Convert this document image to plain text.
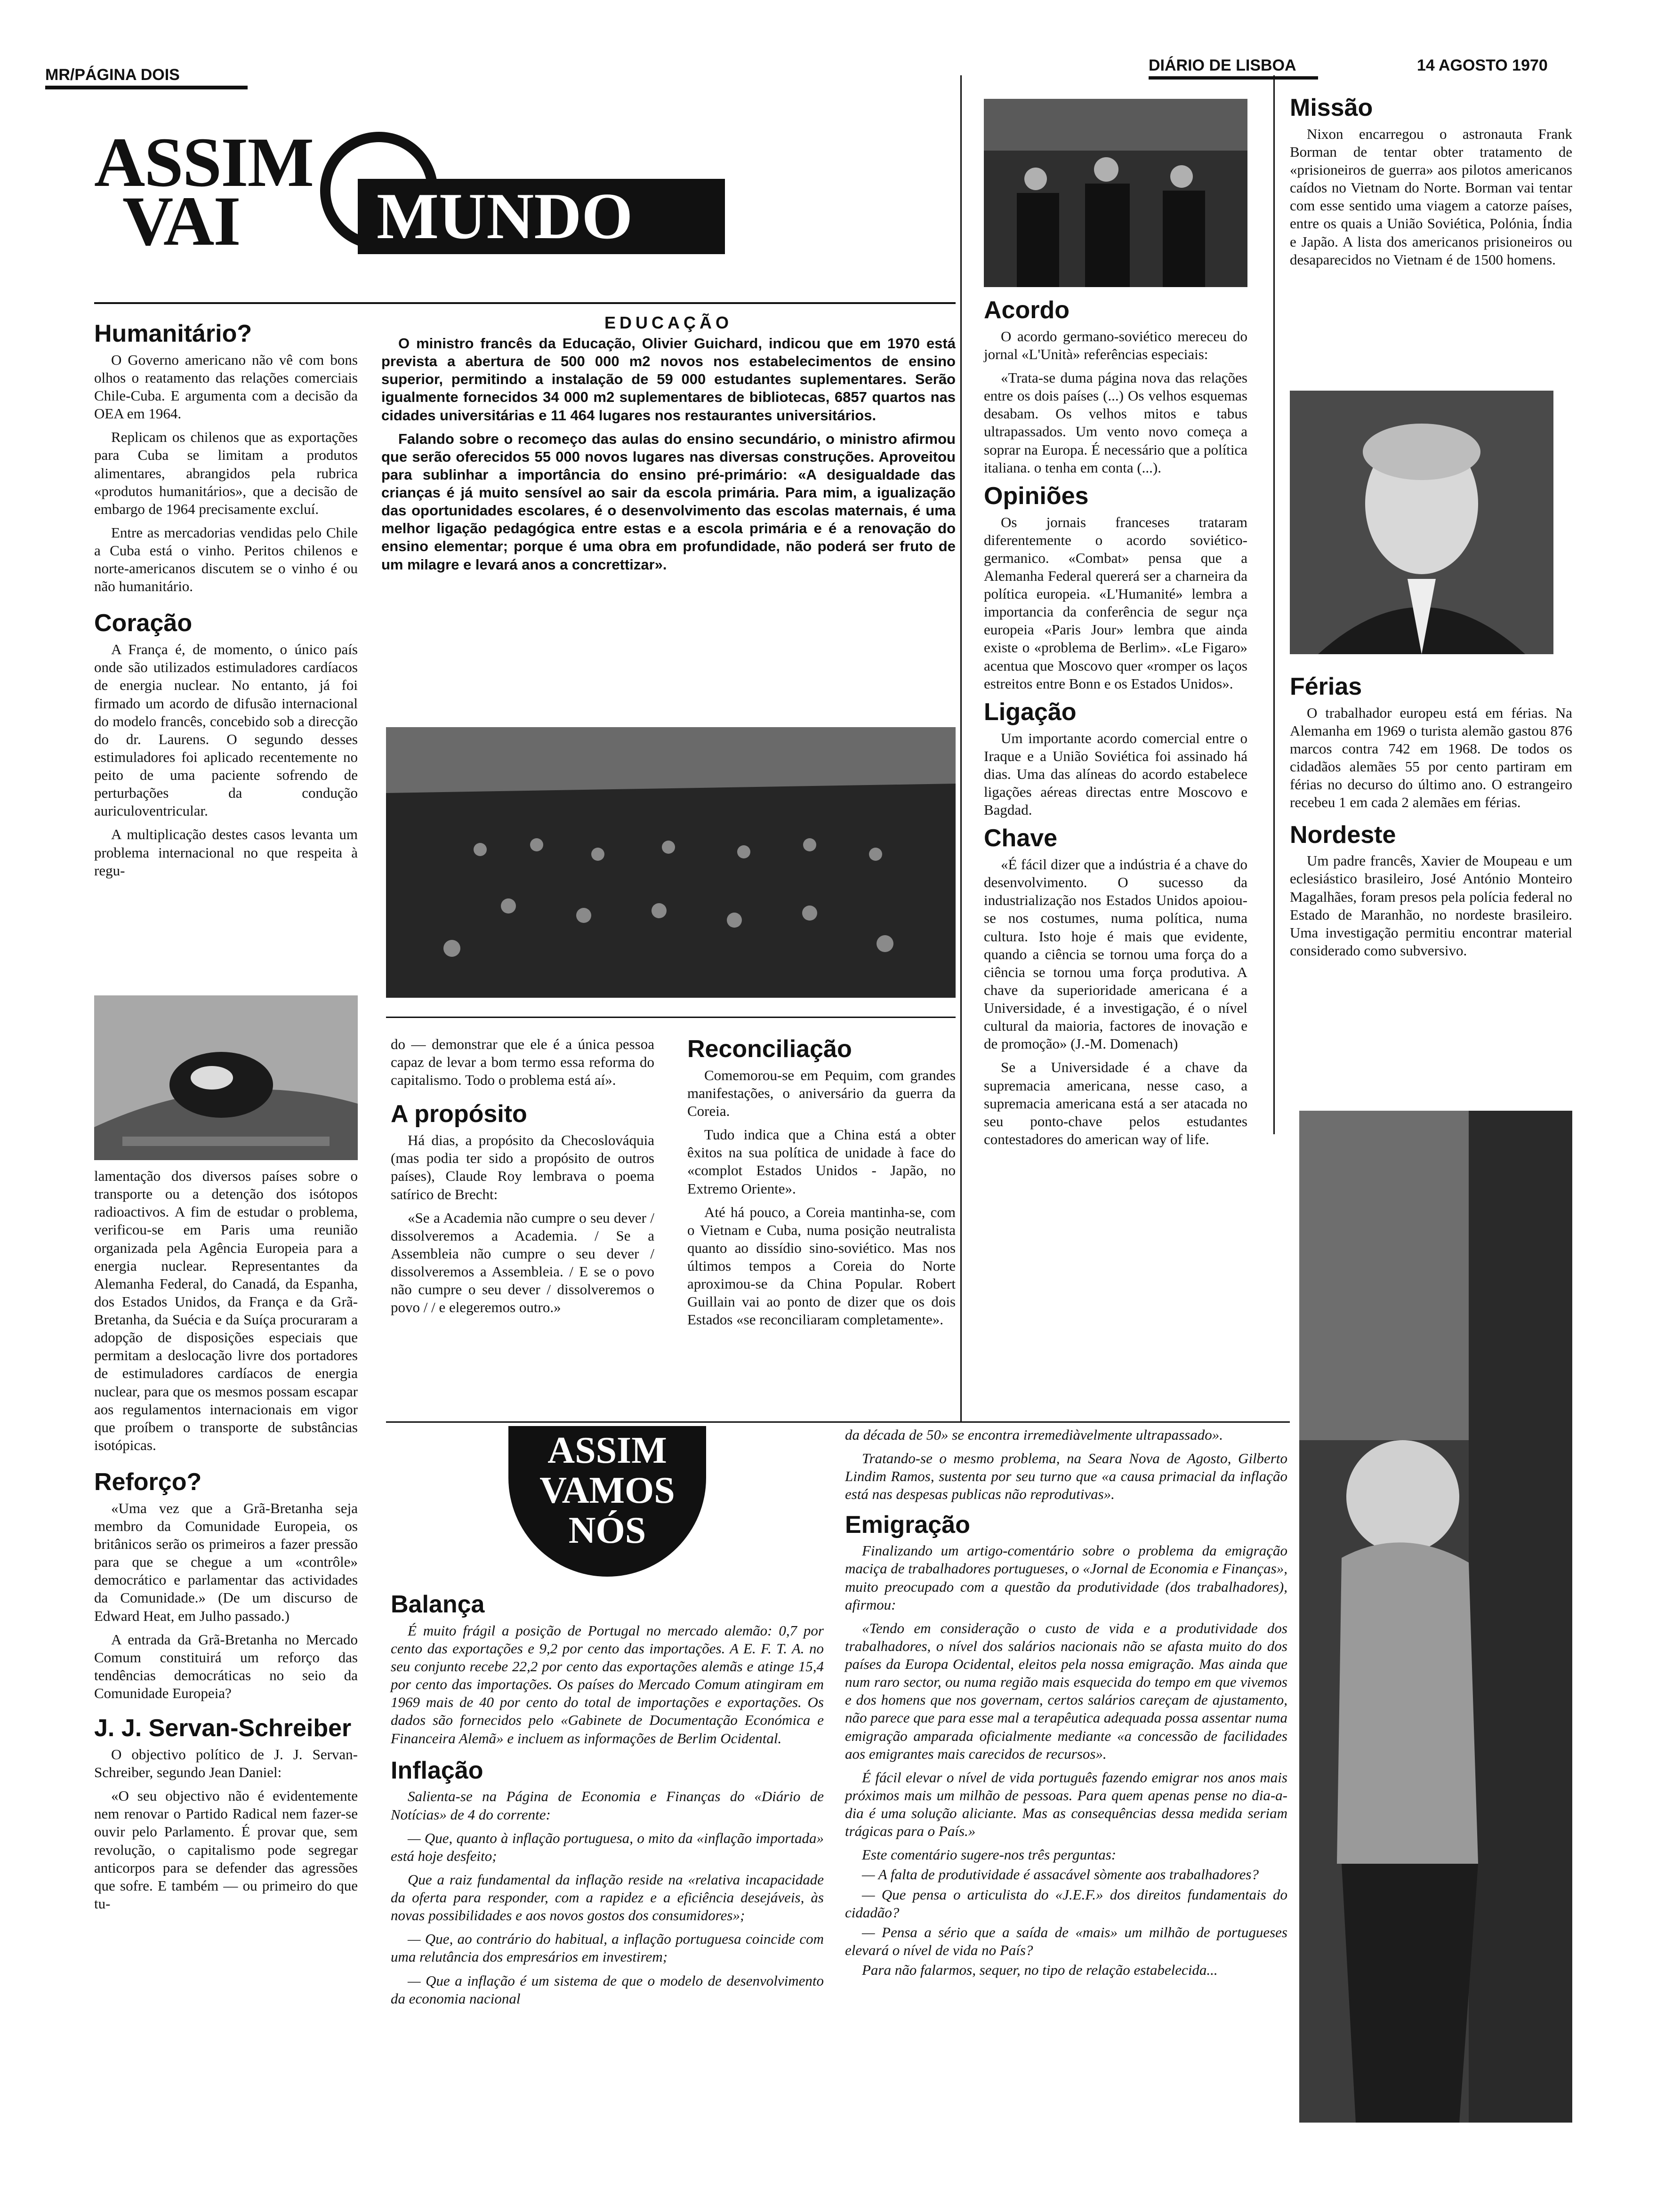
MR/PÁGINA DOIS
DIÁRIO DE LISBOA	14 AGOSTO 1970
ASSIM
VAI MUNDO
Humanitário?

O Governo americano não vê com bons olhos o reatamento das relações comerciais Chile-Cuba. E argumenta com a decisão da OEA em 1964.

Replicam os chilenos que as exportações para Cuba se limitam a produtos alimentares, abrangidos pela rubrica «produtos humanitários», que a decisão de embargo de 1964 precisamente excluí.

Entre as mercadorias vendidas pelo Chile a Cuba está o vinho. Peritos chilenos e norte-americanos discutem se o vinho é ou não humanitário.

Coração

A França é, de momento, o único país onde são utilizados estimuladores cardíacos de energia nuclear. No entanto, já foi firmado um acordo de difusão internacional do modelo francês, concebido sob a direcção do dr. Laurens. O segundo desses estimuladores foi aplicado recentemente no peito de uma paciente sofrendo de perturbações da condução auriculoventricular.

A multiplicação destes casos levanta um problema internacional no que respeita à regu-

lamentação dos diversos países sobre o transporte ou a detenção dos isótopos radioactivos. A fim de estudar o problema, verificou-se em Paris uma reunião organizada pela Agência Europeia para a energia nuclear. Representantes da Alemanha Federal, do Canadá, da Espanha, dos Estados Unidos, da França e da Grã-Bretanha, da Suécia e da Suíça procuraram a adopção de disposições especiais que permitam a deslocação livre dos portadores de estimuladores cardíacos de energia nuclear, para que os mesmos possam escapar aos regulamentos internacionais em vigor que proíbem o transporte de substâncias isotópicas.

Reforço?

«Uma vez que a Grã-Bretanha seja membro da Comunidade Europeia, os britânicos serão os primeiros a fazer pressão para que se chegue a um «contrôle» democrático e parlamentar das actividades da Comunidade.» (De um discurso de Edward Heat, em Julho passado.)

A entrada da Grã-Bretanha no Mercado Comum constituirá um reforço das tendências democráticas no seio da Comunidade Europeia?

J. J. Servan-Schreiber

O objectivo político de J. J. Servan-Schreiber, segundo Jean Daniel:

«O seu objectivo não é evidentemente nem renovar o Partido Radical nem fazer-se ouvir pelo Parlamento. É provar que, sem revolução, o capitalismo pode segregar anticorpos para se defender das agressões que sofre. E também — ou primeiro do que tu-

EDUCAÇÃO

O ministro francês da Educação, Olivier Guichard, indicou que em 1970 está prevista a abertura de 500 000 m2 novos nos estabelecimentos de ensino superior, permitindo a instalação de 59 000 estudantes suplementares. Serão igualmente fornecidos 34 000 m2 suplementares de bibliotecas, 6857 quartos nas cidades universitárias e 11 464 lugares nos restaurantes universitários.

Falando sobre o recomeço das aulas do ensino secundário, o ministro afirmou que serão oferecidos 55 000 novos lugares nas diversas construções. Aproveitou para sublinhar a importância do ensino pré-primário: «A desigualdade das crianças é já muito sensível ao sair da escola primária. Para mim, a igualização das oportunidades escolares, é o desenvolvimento das escolas maternais, é uma melhor ligação pedagógica entre estas e a escola primária e é a renovação do ensino elementar; porque é uma obra em profundidade, não poderá ser fruto de um milagre e levará anos a concrettizar».

do — demonstrar que ele é a única pessoa capaz de levar a bom termo essa reforma do capitalismo. Todo o problema está aí».

A propósito

Há dias, a propósito da Checoslováquia (mas podia ter sido a propósito de outros países), Claude Roy lembrava o poema satírico de Brecht:

«Se a Academia não cumpre o seu dever / dissolveremos a Academia. / Se a Assembleia não cumpre o seu dever / dissolveremos a Assembleia. / E se o povo não cumpre o seu dever / dissolveremos o povo / / e elegeremos outro.»

Reconciliação

Comemorou-se em Pequim, com grandes manifestações, o aniversário da guerra da Coreia.

Tudo indica que a China está a obter êxitos na sua política de unidade à face do «complot Estados Unidos - Japão, no Extremo Oriente».

Até há pouco, a Coreia mantinha-se, com o Vietnam e Cuba, numa posição neutralista quanto ao dissídio sino-soviético. Mas nos últimos tempos a Coreia do Norte aproximou-se da China Popular. Robert Guillain vai ao ponto de dizer que os dois Estados «se reconciliaram completamente».

Acordo

O acordo germano-soviético mereceu do jornal «L'Unità» referências especiais:

«Trata-se duma página nova das relações entre os dois países (...) Os velhos esquemas desabam. Os velhos mitos e tabus ultrapassados. Um vento novo começa a soprar na Europa. É necessário que a política italiana. o tenha em conta (...).

Opiniões

Os jornais franceses trataram diferentemente o acordo soviético-germanico. «Combat» pensa que a Alemanha Federal quererá ser a charneira da política europeia. «L'Humanité» lembra a importancia da conferência de segur nça europeia «Paris Jour» lembra que ainda existe o «problema de Berlim». «Le Figaro» acentua que Moscovo quer «romper os laços estreitos entre Bonn e os Estados Unidos».

Ligação

Um importante acordo comercial entre o Iraque e a União Soviética foi assinado há dias. Uma das alíneas do acordo estabelece ligações aéreas directas entre Moscovo e Bagdad.

Chave

«É fácil dizer que a indústria é a chave do desenvolvimento. O sucesso da industrialização nos Estados Unidos apoiou-se nos costumes, numa política, numa cultura. Isto hoje é mais que evidente, quando a ciência se tornou uma força do a ciência se tornou uma força produtiva. A chave da superioridade americana é a Universidade, é a investigação, é o nível cultural da maioria, factores de inovação e de promoção» (J.-M. Domenach)

Se a Universidade é a chave da supremacia americana, nesse caso, a supremacia americana está a ser atacada no seu ponto-chave pelos estudantes contestadores do american way of life.

Missão

Nixon encarregou o astronauta Frank Borman de tentar obter tratamento de «prisioneiros de guerra» aos pilotos americanos caídos no Vietnam do Norte. Borman vai tentar com esse sentido uma viagem a catorze países, entre os quais a União Soviética, Polónia, Índia e Japão. A lista dos americanos prisioneiros ou desaparecidos no Vietnam é de 1500 homens.

Férias

O trabalhador europeu está em férias. Na Alemanha em 1969 o turista alemão gastou 876 marcos contra 742 em 1968. De todos os cidadãos alemães 55 por cento partiram em férias no decurso do último ano. O estrangeiro recebeu 1 em cada 2 alemães em férias.

Nordeste

Um padre francês, Xavier de Moupeau e um eclesiástico brasileiro, José António Monteiro Magalhães, foram presos pela polícia federal no Estado de Maranhão, no nordeste brasileiro. Uma investigação permitiu encontrar material considerado como subversivo.

ASSIM
VAMOS
NÓS
Balança

É muito frágil a posição de Portugal no mercado alemão: 0,7 por cento das exportações e 9,2 por cento das importações. A E. F. T. A. no seu conjunto recebe 22,2 por cento das exportações alemãs e atinge 15,4 por cento das importações. Os países do Mercado Comum atingiram em 1969 mais de 40 por cento do total de importações e exportações. Os dados são fornecidos pelo «Gabinete de Documentação Económica e Financeira Alemã» e incluem as informações de Berlim Ocidental.

Inflação

Salienta-se na Página de Economia e Finanças do «Diário de Notícias» de 4 do corrente:

— Que, quanto à inflação portuguesa, o mito da «inflação importada» está hoje desfeito;

Que a raiz fundamental da inflação reside na «relativa incapacidade da oferta para responder, com a rapidez e a eficiência desejáveis, às novas possibilidades e aos novos gostos dos consumidores»;

— Que, ao contrário do habitual, a inflação portuguesa coincide com uma relutância dos empresários em investirem;

— Que a inflação é um sistema de que o modelo de desenvolvimento da economia nacional

da década de 50» se encontra irremediàvelmente ultrapassado».

Tratando-se o mesmo problema, na Seara Nova de Agosto, Gilberto Lindim Ramos, sustenta por seu turno que «a causa primacial da inflação está nas despesas publicas não reprodutivas».

Emigração

Finalizando um artigo-comentário sobre o problema da emigração maciça de trabalhadores portugueses, o «Jornal de Economia e Finanças», muito preocupado com a questão da produtividade (dos trabalhadores), afirmou:

«Tendo em consideração o custo de vida e a produtividade dos trabalhadores, o nível dos salários nacionais não se afasta muito do dos países da Europa Ocidental, eleitos pela nossa emigração. Mas ainda que num raro sector, ou numa região mais esquecida do tempo em que vivemos e dos homens que nos governam, certos salários careçam de ajustamento, não parece que para esse mal a terapêutica adequada possa assentar numa emigração amparada oficialmente mediante «a concessão de facilidades aos emigrantes mais carecidos de recursos».

É fácil elevar o nível de vida português fazendo emigrar nos anos mais próximos mais um milhão de pessoas. Para quem apenas pense no dia-a-dia é uma solução aliciante. Mas as consequências dessa medida seriam trágicas para o País.»

Este comentário sugere-nos três perguntas:

— A falta de produtividade é assacável sòmente aos trabalhadores?

— Que pensa o articulista do «J.E.F.» dos direitos fundamentais do cidadão?

— Pensa a sério que a saída de «mais» um milhão de portugueses elevará o nível de vida no País?

Para não falarmos, sequer, no tipo de relação estabelecida...
